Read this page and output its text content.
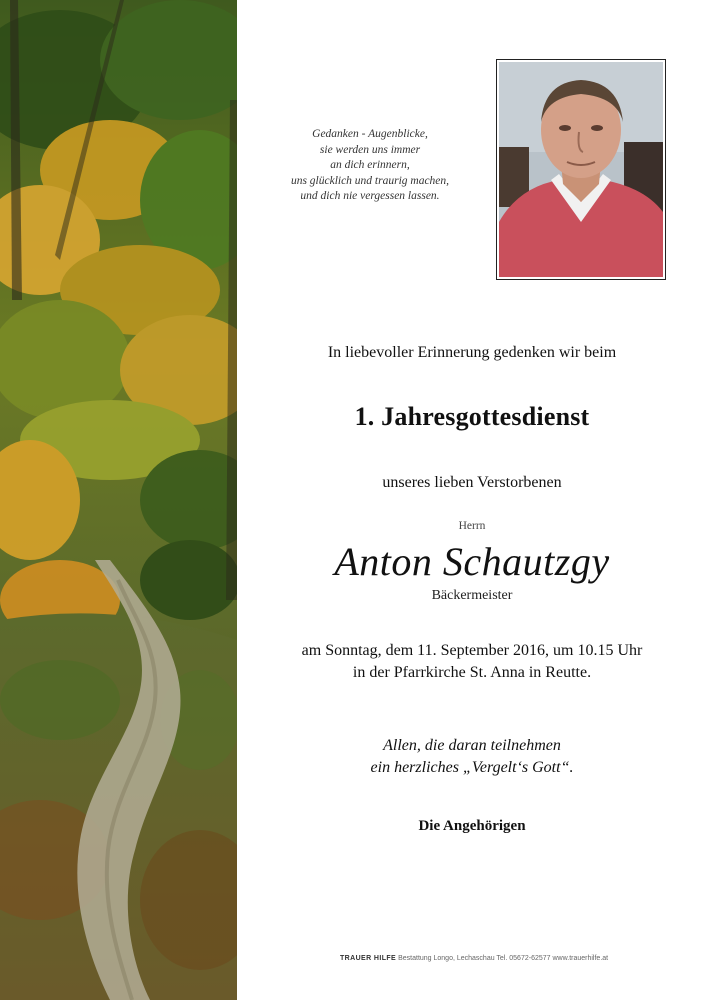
Gedanken - Augenblicke,
sie werden uns immer
an dich erinnern,
uns glücklich und traurig machen,
und dich nie vergessen lassen.
In liebevoller Erinnerung gedenken wir beim
1. Jahresgottesdienst
unseres lieben Verstorbenen
Herrn
Anton Schautzgy
Bäckermeister
am Sonntag, dem 11. September 2016, um 10.15 Uhr
in der Pfarrkirche St. Anna in Reutte.
Allen, die daran teilnehmen
ein herzliches „Vergelt‘s Gott“.
Die Angehörigen
TRAUER HILFE Bestattung Longo, Lechaschau Tel. 05672-62577 www.trauerhilfe.at
